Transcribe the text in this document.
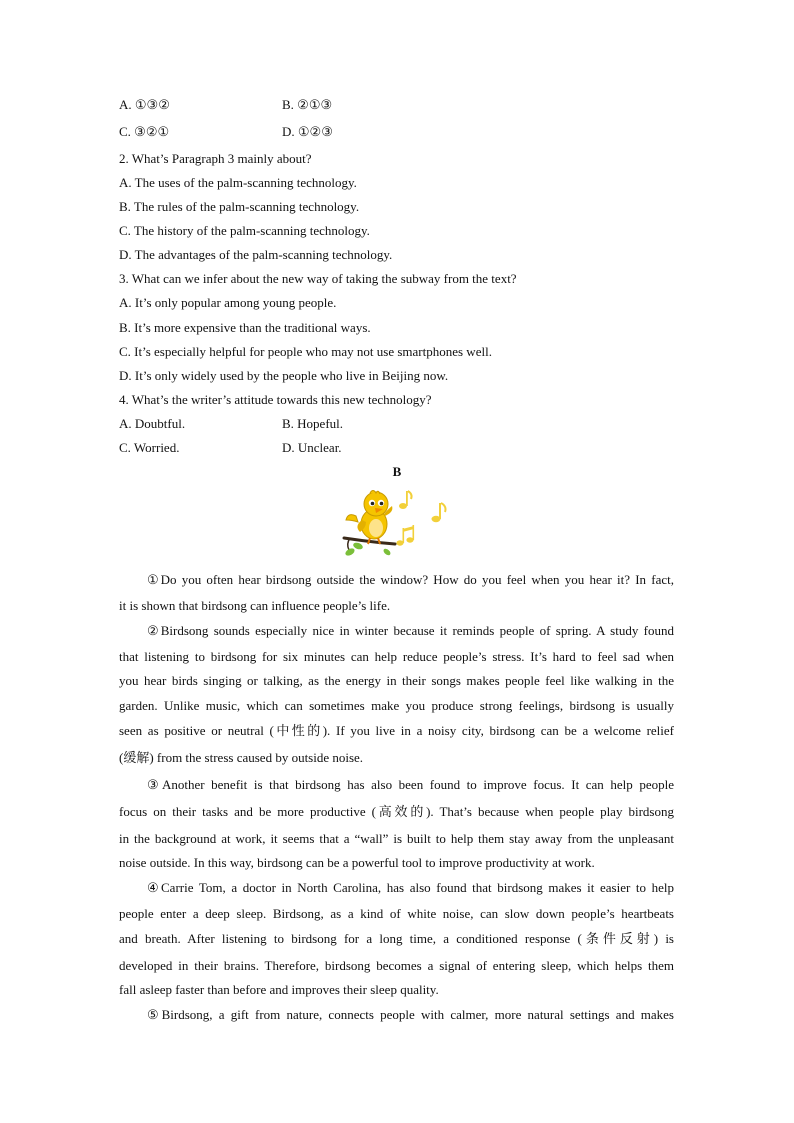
A. ①③②	B. ②①③
C. ③②①	D. ①②③
2. What’s Paragraph 3 mainly about?
A. The uses of the palm-scanning technology.
B. The rules of the palm-scanning technology.
C. The history of the palm-scanning technology.
D. The advantages of the palm-scanning technology.
3. What can we infer about the new way of taking the subway from the text?
A. It’s only popular among young people.
B. It’s more expensive than the traditional ways.
C. It’s especially helpful for people who may not use smartphones well.
D. It’s only widely used by the people who live in Beijing now.
4. What’s the writer’s attitude towards this new technology?
A. Doubtful.	B. Hopeful.
C. Worried.	D. Unclear.
B
①Do you often hear birdsong outside the window? How do you feel when you hear it? In fact,
it is shown that birdsong can influence people’s life.
②Birdsong sounds especially nice in winter because it reminds people of spring. A study found
that listening to birdsong for six minutes can help reduce people’s stress. It’s hard to feel sad when
you hear birds singing or talking, as the energy in their songs makes people feel like walking in the
garden. Unlike music, which can sometimes make you produce strong feelings, birdsong is usually
seen as positive or neutral (中性的). If you live in a noisy city, birdsong can be a welcome relief
(缓解) from the stress caused by outside noise.
③Another benefit is that birdsong has also been found to improve focus. It can help people
focus on their tasks and be more productive (高效的). That’s because when people play birdsong
in the background at work, it seems that a “wall” is built to help them stay away from the unpleasant
noise outside. In this way, birdsong can be a powerful tool to improve productivity at work.
④Carrie Tom, a doctor in North Carolina, has also found that birdsong makes it easier to help
people enter a deep sleep. Birdsong, as a kind of white noise, can slow down people’s heartbeats
and breath. After listening to birdsong for a long time, a conditioned response (条件反射) is
developed in their brains. Therefore, birdsong becomes a signal of entering sleep, which helps them
fall asleep faster than before and improves their sleep quality.
⑤Birdsong, a gift from nature, connects people with calmer, more natural settings and makes
